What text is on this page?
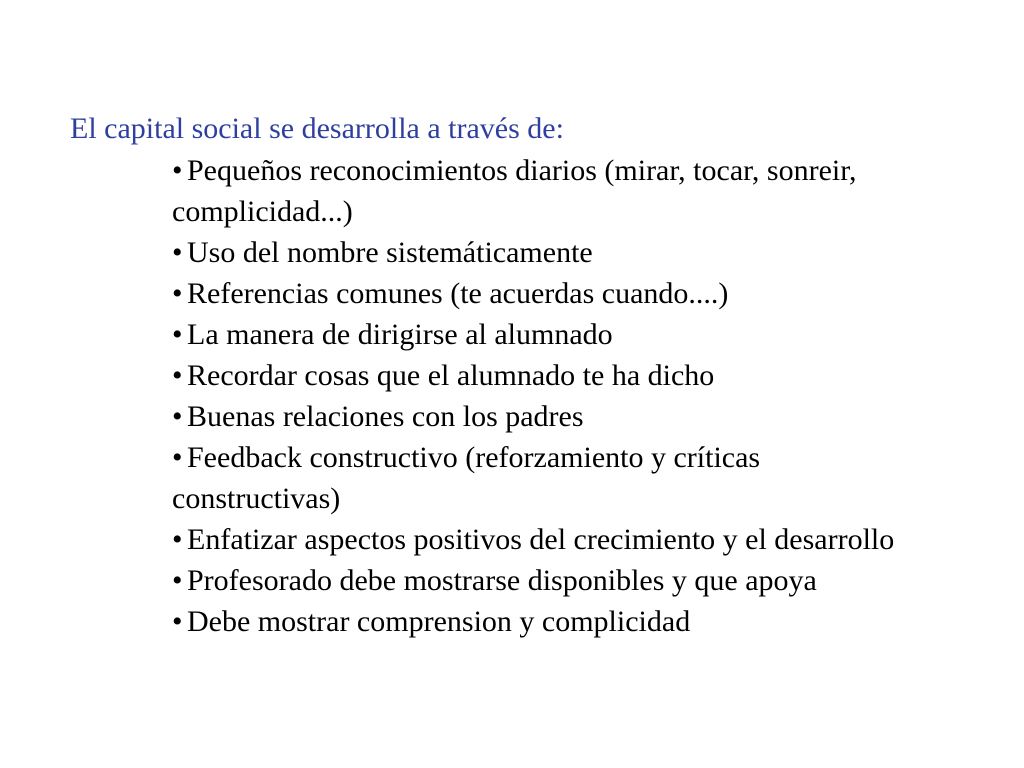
El capital social se desarrolla a través de:
• Pequeños reconocimientos diarios (mirar, tocar, sonreir, complicidad...)
• Uso del nombre sistemáticamente
• Referencias comunes (te acuerdas cuando....)
• La manera de dirigirse al alumnado
• Recordar cosas que el alumnado te ha dicho
• Buenas relaciones con los padres
• Feedback constructivo (reforzamiento y críticas constructivas)
• Enfatizar aspectos positivos del crecimiento y el desarrollo
• Profesorado debe mostrarse disponibles y que apoya
• Debe mostrar comprension y complicidad
